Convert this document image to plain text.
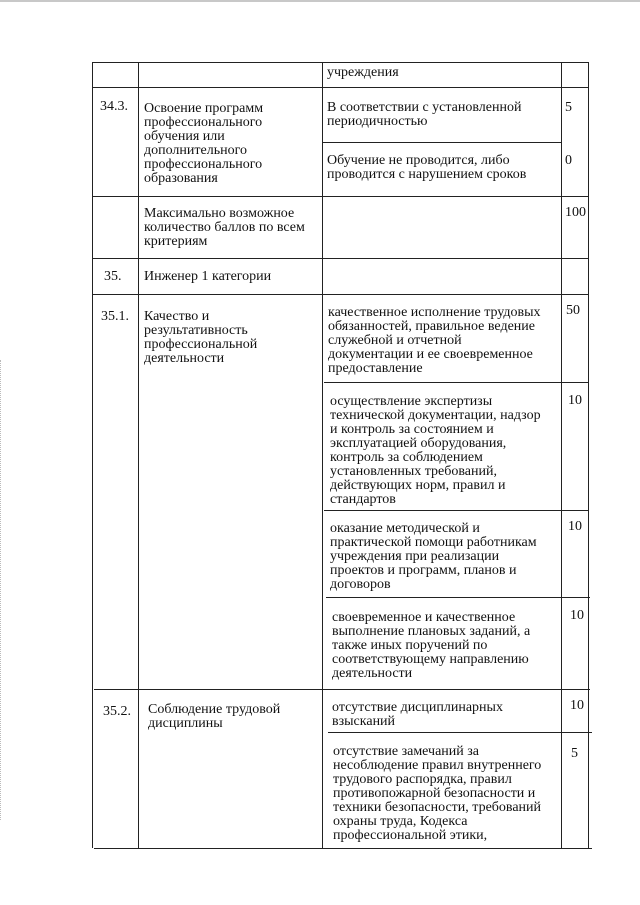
учреждения
34.3. Освоение программ
профессионального
обучения или
дополнительного
профессионального
образования
В соответствии с установленной
периодичностью
5
Обучение не проводится, либо
проводится с нарушением сроков
0
Максимально возможное
количество баллов по всем
критериям
100
35. Инженер 1 категории
35.1. Качество и
результативность
профессиональной
деятельности
качественное исполнение трудовых
обязанностей, правильное ведение
служебной и отчетной
документации и ее своевременное
предоставление
50
осуществление экспертизы
технической документации, надзор
и контроль за состоянием и
эксплуатацией оборудования,
контроль за соблюдением
установленных требований,
действующих норм, правил и
стандартов
10
оказание методической и
практической помощи работникам
учреждения при реализации
проектов и программ, планов и
договоров
10
своевременное и качественное
выполнение плановых заданий, а
также иных поручений по
соответствующему направлению
деятельности
10
35.2. Соблюдение трудовой
дисциплины
отсутствие дисциплинарных
взысканий
10
отсутствие замечаний за
несоблюдение правил внутреннего
трудового распорядка, правил
противопожарной безопасности и
техники безопасности, требований
охраны труда, Кодекса
профессиональной этики,
5
